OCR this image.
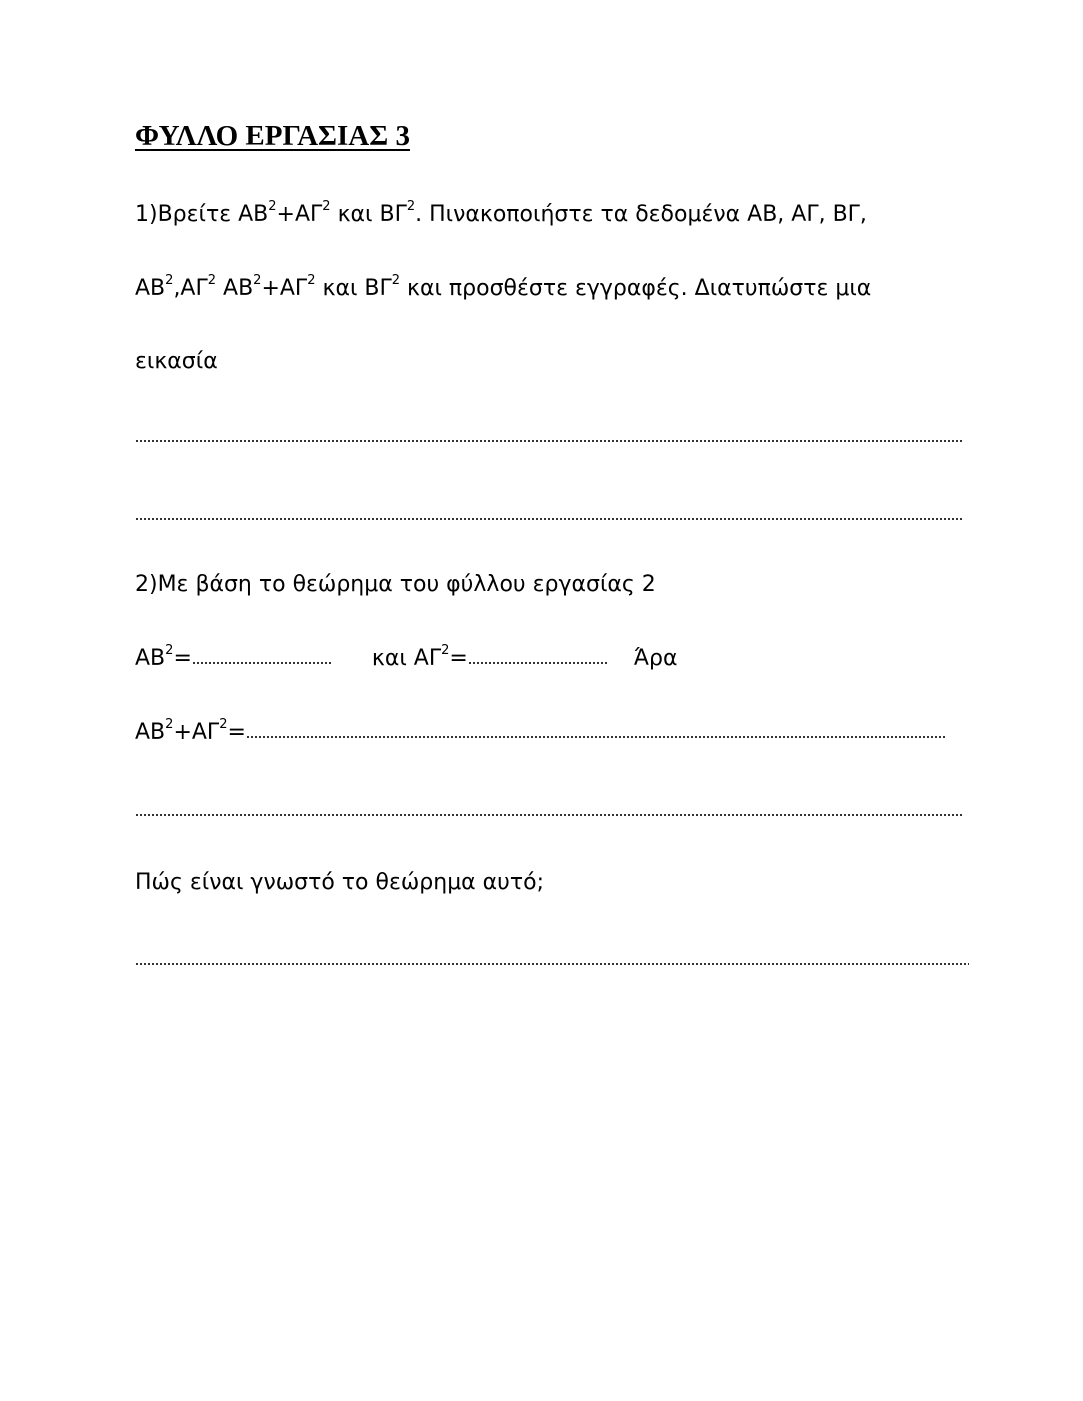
ΦΥΛΛΟ ΕΡΓΑΣΙΑΣ 3
1)Βρείτε $AB^2+A\Gamma^2$ και $B\Gamma^2$. Πινακοποιήστε τα δεδομένα ΑΒ, ΑΓ, ΒΓ,
$AB^2,A\Gamma^2$ $AB^2+A\Gamma^2$ και $B\Gamma^2$ και προσθέστε εγγραφές. Διατυπώστε μια
εικασία
2)Με βάση το θεώρημα του φύλλου εργασίας 2
$AB^2=$	και $A\Gamma^2=$	Άρα
$AB^2+A\Gamma^2=$
Πώς είναι γνωστό το θεώρημα αυτό;
